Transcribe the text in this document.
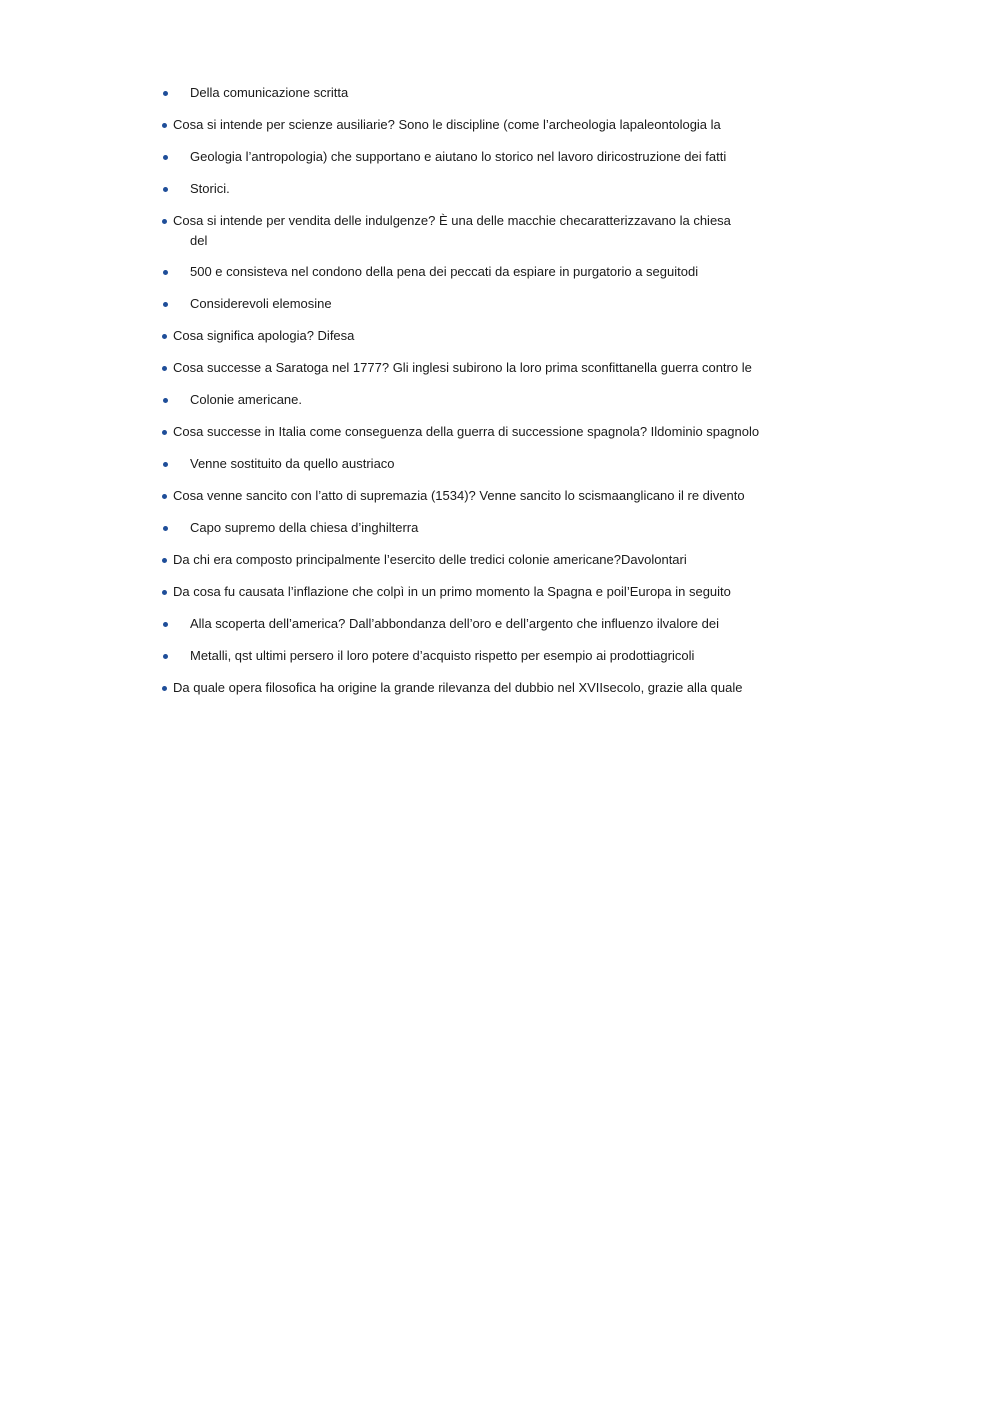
Della comunicazione scritta
Cosa si intende per scienze ausiliarie? Sono le discipline (come l’archeologia lapaleontologia la
Geologia l’antropologia) che supportano e aiutano lo storico nel lavoro diricostruzione dei fatti
Storici.
Cosa si intende per vendita delle indulgenze? È una delle macchie checaratterizzavano la chiesa
del
500 e consisteva nel condono della pena dei peccati da espiare in purgatorio a seguitodi
Considerevoli elemosine
Cosa significa apologia? Difesa
Cosa successe a Saratoga nel 1777? Gli inglesi subirono la loro prima sconfittanella guerra contro le
Colonie americane.
Cosa successe in Italia come conseguenza della guerra di successione spagnola? Ildominio spagnolo
Venne sostituito da quello austriaco
Cosa venne sancito con l’atto di supremazia (1534)? Venne sancito lo scismaanglicano il re divento
Capo supremo della chiesa d’inghilterra
Da chi era composto principalmente l’esercito delle tredici colonie americane?Davolontari
Da cosa fu causata l’inflazione che colpì in un primo momento la Spagna e poil’Europa in seguito
Alla scoperta dell’america? Dall’abbondanza dell’oro e dell’argento che influenzo ilvalore dei
Metalli, qst ultimi persero il loro potere d’acquisto rispetto per esempio ai prodottiagricoli
Da quale opera filosofica ha origine la grande rilevanza del dubbio nel XVIIsecolo, grazie alla quale
